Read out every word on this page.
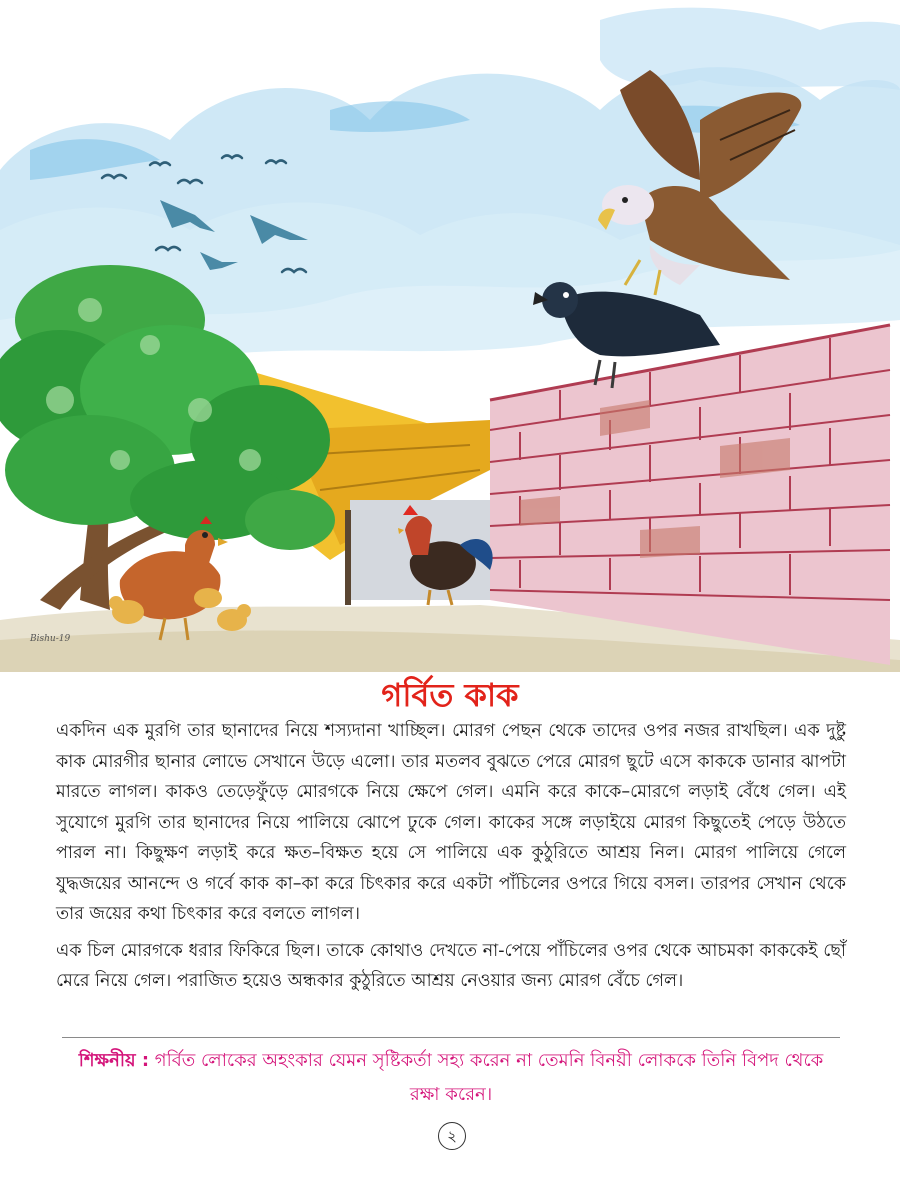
Bishu-19
গর্বিত কাক

একদিন এক মুরগি তার ছানাদের নিয়ে শস্যদানা খাচ্ছিল। মোরগ পেছন থেকে তাদের ওপর নজর রাখছিল। এক দুষ্টু কাক মোরগীর ছানার লোভে সেখানে উড়ে এলো। তার মতলব বুঝতে পেরে মোরগ ছুটে এসে কাককে ডানার ঝাপটা মারতে লাগল। কাকও তেড়েফুঁড়ে মোরগকে নিয়ে ক্ষেপে গেল। এমনি করে কাকে–মোরগে লড়াই বেঁধে গেল। এই সুযোগে মুরগি তার ছানাদের নিয়ে পালিয়ে ঝোপে ঢুকে গেল। কাকের সঙ্গে লড়াইয়ে মোরগ কিছুতেই পেড়ে উঠতে পারল না। কিছুক্ষণ লড়াই করে ক্ষত–বিক্ষত হয়ে সে পালিয়ে এক কুঠুরিতে আশ্রয় নিল। মোরগ পালিয়ে গেলে যুদ্ধজয়ের আনন্দে ও গর্বে কাক কা–কা করে চিৎকার করে একটা পাঁচিলের ওপরে গিয়ে বসল। তারপর সেখান থেকে তার জয়ের কথা চিৎকার করে বলতে লাগল।

এক চিল মোরগকে ধরার ফিকিরে ছিল। তাকে কোথাও দেখতে না-পেয়ে পাঁচিলের ওপর থেকে আচমকা কাককেই ছোঁ মেরে নিয়ে গেল। পরাজিত হয়েও অন্ধকার কুঠুরিতে আশ্রয় নেওয়ার জন্য মোরগ বেঁচে গেল।

শিক্ষনীয় : গর্বিত লোকের অহংকার যেমন সৃষ্টিকর্তা সহ্য করেন না তেমনি বিনয়ী লোককে তিনি বিপদ থেকে রক্ষা করেন।
২
